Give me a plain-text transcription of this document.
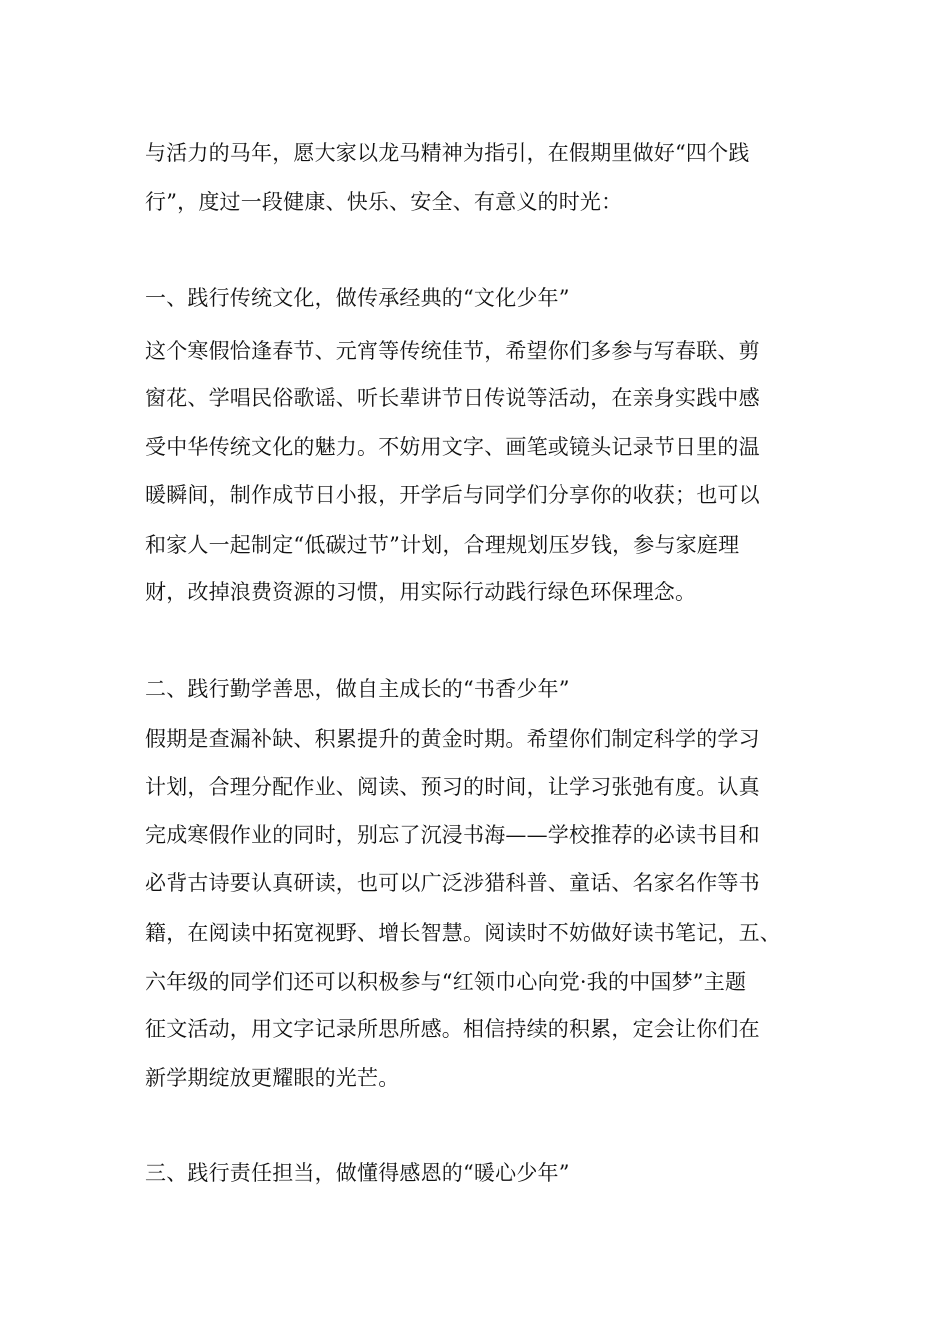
与活力的马年，愿大家以龙马精神为指引，在假期里做好“四个践
行”，度过一段健康、快乐、安全、有意义的时光：
一、践行传统文化，做传承经典的“文化少年”
这个寒假恰逢春节、元宵等传统佳节，希望你们多参与写春联、剪
窗花、学唱民俗歌谣、听长辈讲节日传说等活动，在亲身实践中感
受中华传统文化的魅力。不妨用文字、画笔或镜头记录节日里的温
暖瞬间，制作成节日小报，开学后与同学们分享你的收获；也可以
和家人一起制定“低碳过节”计划，合理规划压岁钱，参与家庭理
财，改掉浪费资源的习惯，用实际行动践行绿色环保理念。
二、践行勤学善思，做自主成长的“书香少年”
假期是查漏补缺、积累提升的黄金时期。希望你们制定科学的学习
计划，合理分配作业、阅读、预习的时间，让学习张弛有度。认真
完成寒假作业的同时，别忘了沉浸书海——学校推荐的必读书目和
必背古诗要认真研读，也可以广泛涉猎科普、童话、名家名作等书
籍，在阅读中拓宽视野、增长智慧。阅读时不妨做好读书笔记，五、
六年级的同学们还可以积极参与“红领巾心向党·我的中国梦”主题
征文活动，用文字记录所思所感。相信持续的积累，定会让你们在
新学期绽放更耀眼的光芒。
三、践行责任担当，做懂得感恩的“暖心少年”
